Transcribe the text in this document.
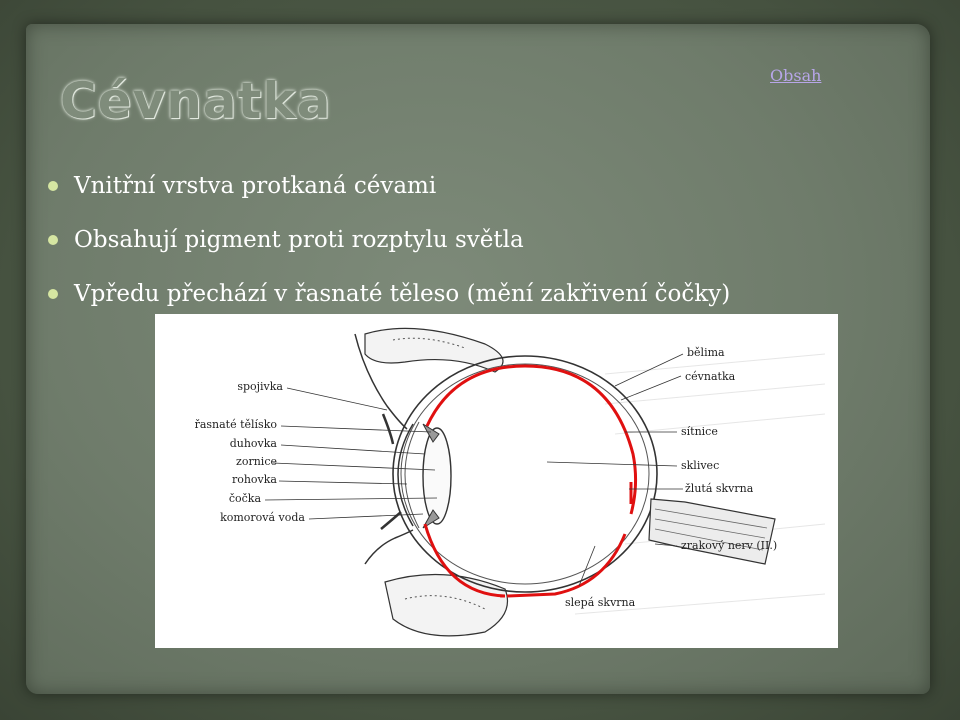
Cévnatka	Obsah
Vnitřní vrstva protkaná cévami
Obsahují pigment proti rozptylu světla
Vpředu přechází v řasnaté těleso (mění zakřivení čočky)
spojivka
řasnaté tělísko
duhovka
zornice
rohovka
čočka
komorová voda
bělima
cévnatka
sítnice
sklivec
žlutá skvrna
zrakový nerv (II.)
slepá skvrna
